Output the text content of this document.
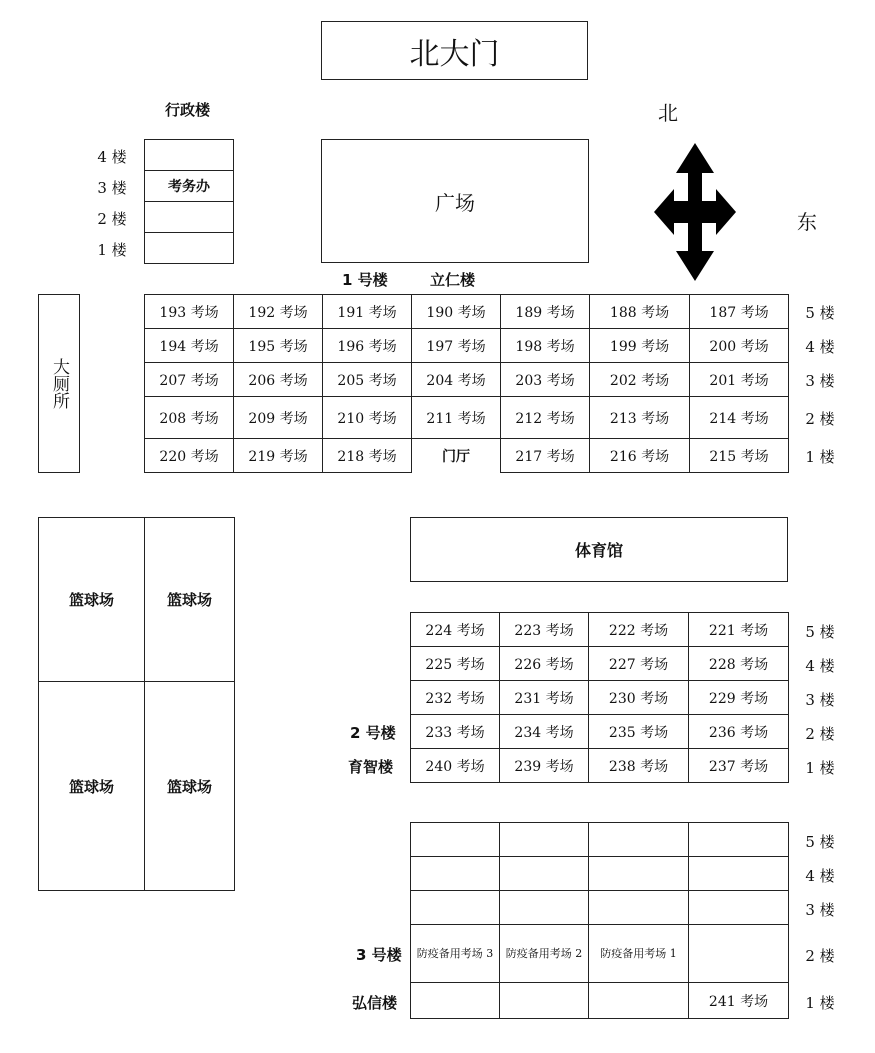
北大门
北
东
行政楼
4 楼
3 楼
2 楼
1 楼

考务办

广场
1 号楼	立仁楼
大厕所
193 考场	192 考场	191 考场	190 考场	189 考场	188 考场	187 考场
194 考场	195 考场	196 考场	197 考场	198 考场	199 考场	200 考场
207 考场	206 考场	205 考场	204 考场	203 考场	202 考场	201 考场
208 考场	209 考场	210 考场	211 考场	212 考场	213 考场	214 考场
220 考场	219 考场	218 考场	门厅	217 考场	216 考场	215 考场
5 楼
4 楼
3 楼
2 楼
1 楼
篮球场	篮球场
篮球场	篮球场
体育馆
224 考场	223 考场	222 考场	221 考场
225 考场	226 考场	227 考场	228 考场
232 考场	231 考场	230 考场	229 考场
233 考场	234 考场	235 考场	236 考场
240 考场	239 考场	238 考场	237 考场
2 号楼
育智楼
5 楼
4 楼
3 楼
2 楼
1 楼

防疫备用考场 3	防疫备用考场 2	防疫备用考场 1	
			241 考场
3 号楼
弘信楼
5 楼
4 楼
3 楼
2 楼
1 楼
